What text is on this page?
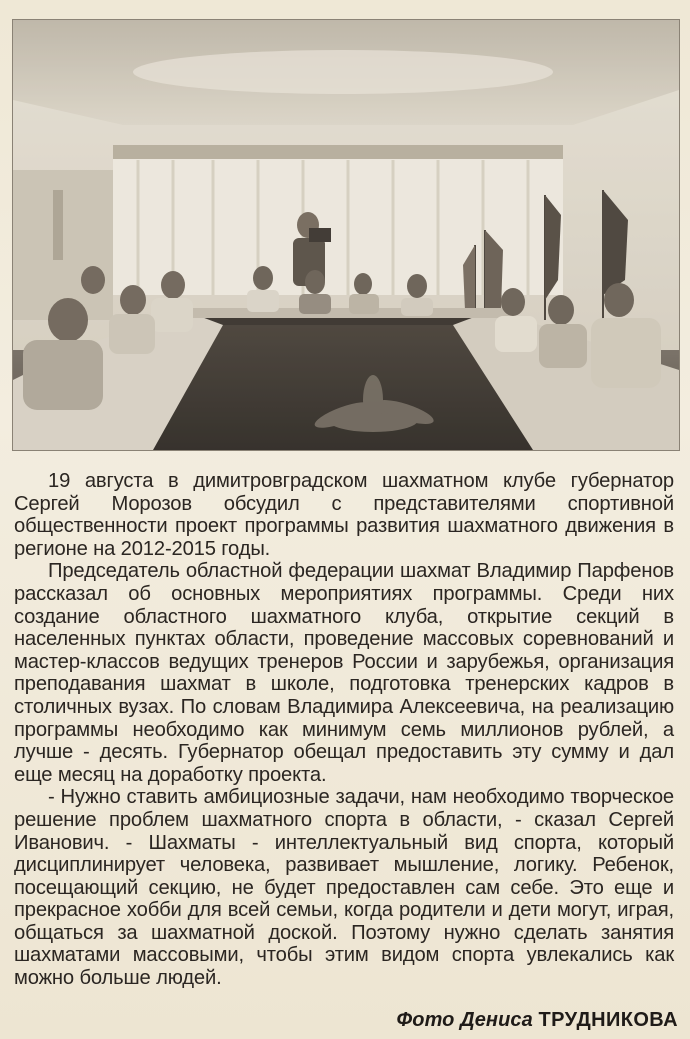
19 августа в димитровградском шахматном клубе губернатор Сергей Морозов обсудил с представителями спортивной общественности проект программы развития шахматного движения в регионе на 2012-2015 годы.

Председатель областной федерации шахмат Владимир Парфенов рассказал об основных мероприятиях программы. Среди них создание областного шахматного клуба, открытие секций в населенных пунктах области, проведение массовых соревнований и мастер-классов ведущих тренеров России и зарубежья, организация преподавания шахмат в школе, подготовка тренерских кадров в столичных вузах. По словам Владимира Алексеевича, на реализацию программы необходимо как минимум семь миллионов рублей, а лучше - десять. Губернатор обещал предоставить эту сумму и дал еще месяц на доработку проекта.

- Нужно ставить амбициозные задачи, нам необходимо творческое решение проблем шахматного спорта в области, - сказал Сергей Иванович. - Шахматы - интеллектуальный вид спорта, который дисциплинирует человека, развивает мышление, логику. Ребенок, посещающий секцию, не будет предоставлен сам себе. Это еще и прекрасное хобби для всей семьи, когда родители и дети могут, играя, общаться за шахматной доской. Поэтому нужно сделать занятия шахматами массовыми, чтобы этим видом спорта увлекались как можно больше людей.

Фото Дениса ТРУДНИКОВА
